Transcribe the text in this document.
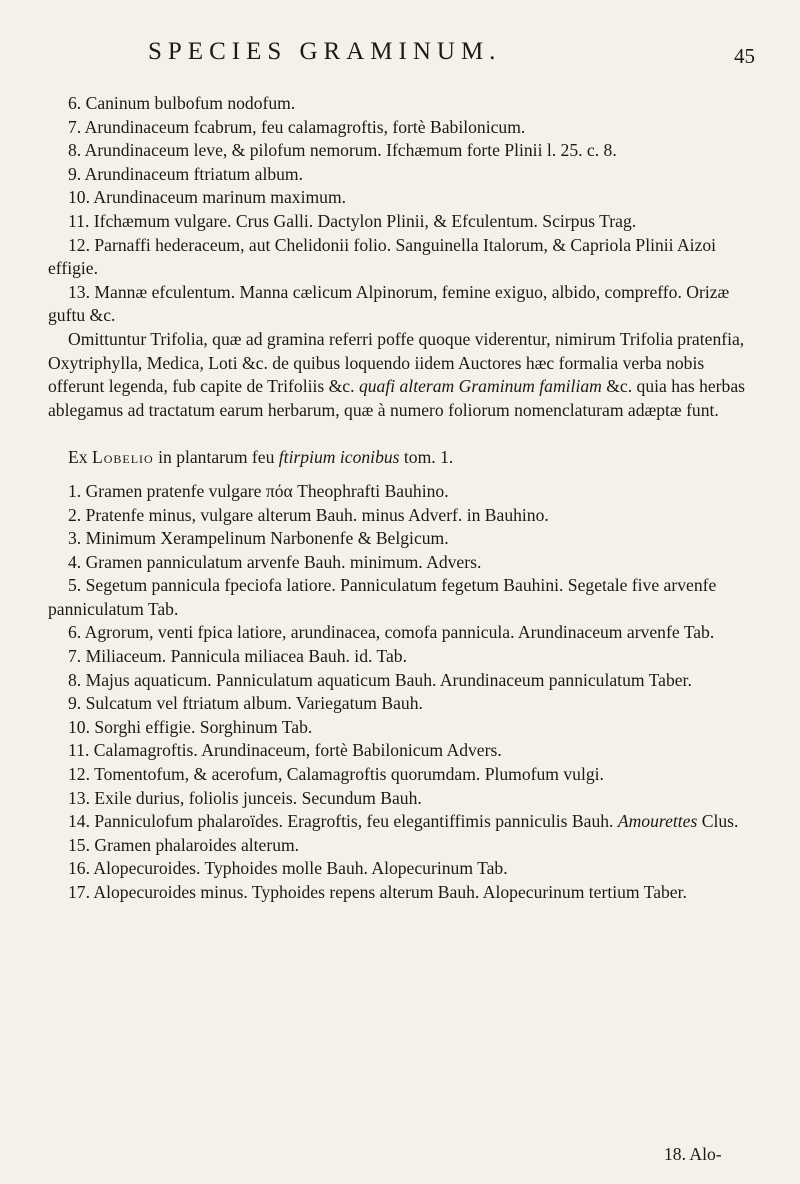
SPECIES GRAMINUM.	45

6. Caninum bulbofum nodofum.

7. Arundinaceum fcabrum, feu calamagroftis, fortè Babilonicum.

8. Arundinaceum leve, & pilofum nemorum. Ifchæmum forte Plinii l. 25. c. 8.

9. Arundinaceum ftriatum album.

10. Arundinaceum marinum maximum.

11. Ifchæmum vulgare. Crus Galli. Dactylon Plinii, & Efculentum. Scirpus Trag.

12. Parnaffi hederaceum, aut Chelidonii folio. Sanguinella Italorum, & Capriola Plinii Aizoi effigie.

13. Mannæ efculentum. Manna cælicum Alpinorum, femine exiguo, albido, compreffo. Orizæ guftu &c.

Omittuntur Trifolia, quæ ad gramina referri poffe quoque viderentur, nimirum Trifolia pratenfia, Oxytriphylla, Medica, Loti &c. de quibus loquendo iidem Auctores hæc formalia verba nobis offerunt legenda, fub capite de Trifoliis &c. quafi alteram Graminum familiam &c. quia has herbas ablegamus ad tractatum earum herbarum, quæ à numero foliorum nomenclaturam adæptæ funt.

Ex Lobelio in plantarum feu ftirpium iconibus tom. 1.

1. Gramen pratenfe vulgare πόα Theophrafti Bauhino.

2. Pratenfe minus, vulgare alterum Bauh. minus Adverf. in Bauhino.

3. Minimum Xerampelinum Narbonenfe & Belgicum.

4. Gramen panniculatum arvenfe Bauh. minimum. Advers.

5. Segetum pannicula fpeciofa latiore. Panniculatum fegetum Bauhini. Segetale five arvenfe panniculatum Tab.

6. Agrorum, venti fpica latiore, arundinacea, comofa pannicula. Arundinaceum arvenfe Tab.

7. Miliaceum. Pannicula miliacea Bauh. id. Tab.

8. Majus aquaticum. Panniculatum aquaticum Bauh. Arundinaceum panniculatum Taber.

9. Sulcatum vel ftriatum album. Variegatum Bauh.

10. Sorghi effigie. Sorghinum Tab.

11. Calamagroftis. Arundinaceum, fortè Babilonicum Advers.

12. Tomentofum, & acerofum, Calamagroftis quorumdam. Plumofum vulgi.

13. Exile durius, foliolis junceis. Secundum Bauh.

14. Panniculofum phalaroïdes. Eragroftis, feu elegantiffimis panniculis Bauh. Amourettes Clus.

15. Gramen phalaroides alterum.

16. Alopecuroides. Typhoides molle Bauh. Alopecurinum Tab.

17. Alopecuroides minus. Typhoides repens alterum Bauh. Alopecurinum tertium Taber.

18. Alo-
